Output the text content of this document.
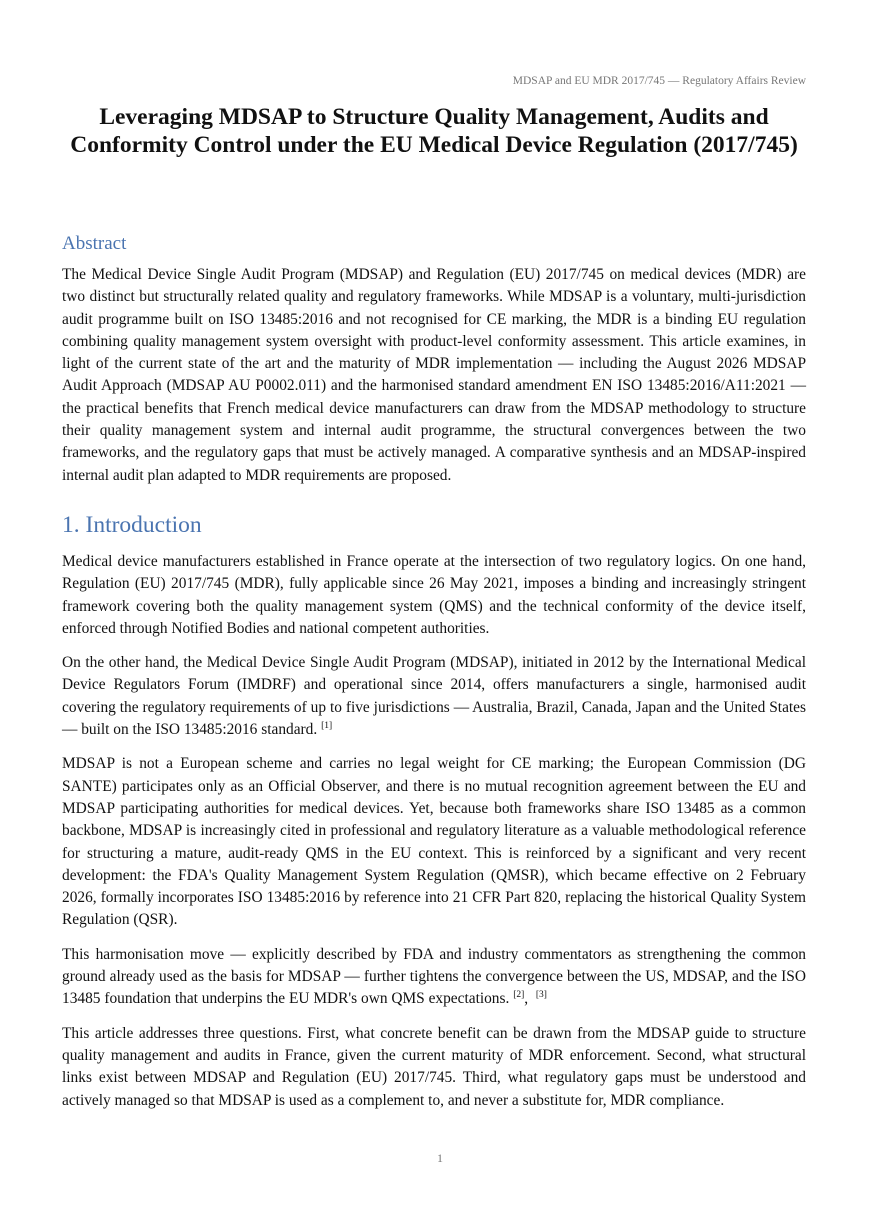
MDSAP and EU MDR 2017/745 — Regulatory Affairs Review
Leveraging MDSAP to Structure Quality Management, Audits and Conformity Control under the EU Medical Device Regulation (2017/745)
Abstract

The Medical Device Single Audit Program (MDSAP) and Regulation (EU) 2017/745 on medical devices (MDR) are two distinct but structurally related quality and regulatory frameworks. While MDSAP is a voluntary, multi-jurisdiction audit programme built on ISO 13485:2016 and not recognised for CE marking, the MDR is a binding EU regulation combining quality management system oversight with product-level conformity assessment. This article examines, in light of the current state of the art and the maturity of MDR implementation — including the August 2026 MDSAP Audit Approach (MDSAP AU P0002.011) and the harmonised standard amendment EN ISO 13485:2016/A11:2021 — the practical benefits that French medical device manufacturers can draw from the MDSAP methodology to structure their quality management system and internal audit programme, the structural convergences between the two frameworks, and the regulatory gaps that must be actively managed. A comparative synthesis and an MDSAP-inspired internal audit plan adapted to MDR requirements are proposed.

1. Introduction

Medical device manufacturers established in France operate at the intersection of two regulatory logics. On one hand, Regulation (EU) 2017/745 (MDR), fully applicable since 26 May 2021, imposes a binding and increasingly stringent framework covering both the quality management system (QMS) and the technical conformity of the device itself, enforced through Notified Bodies and national competent authorities.

On the other hand, the Medical Device Single Audit Program (MDSAP), initiated in 2012 by the International Medical Device Regulators Forum (IMDRF) and operational since 2014, offers manufacturers a single, harmonised audit covering the regulatory requirements of up to five jurisdictions — Australia, Brazil, Canada, Japan and the United States — built on the ISO 13485:2016 standard. [1]

MDSAP is not a European scheme and carries no legal weight for CE marking; the European Commission (DG SANTE) participates only as an Official Observer, and there is no mutual recognition agreement between the EU and MDSAP participating authorities for medical devices. Yet, because both frameworks share ISO 13485 as a common backbone, MDSAP is increasingly cited in professional and regulatory literature as a valuable methodological reference for structuring a mature, audit-ready QMS in the EU context. This is reinforced by a significant and very recent development: the FDA's Quality Management System Regulation (QMSR), which became effective on 2 February 2026, formally incorporates ISO 13485:2016 by reference into 21 CFR Part 820, replacing the historical Quality System Regulation (QSR).

This harmonisation move — explicitly described by FDA and industry commentators as strengthening the common ground already used as the basis for MDSAP — further tightens the convergence between the US, MDSAP, and the ISO 13485 foundation that underpins the EU MDR's own QMS expectations. [2], [3]

This article addresses three questions. First, what concrete benefit can be drawn from the MDSAP guide to structure quality management and audits in France, given the current maturity of MDR enforcement. Second, what structural links exist between MDSAP and Regulation (EU) 2017/745. Third, what regulatory gaps must be understood and actively managed so that MDSAP is used as a complement to, and never a substitute for, MDR compliance.

1
